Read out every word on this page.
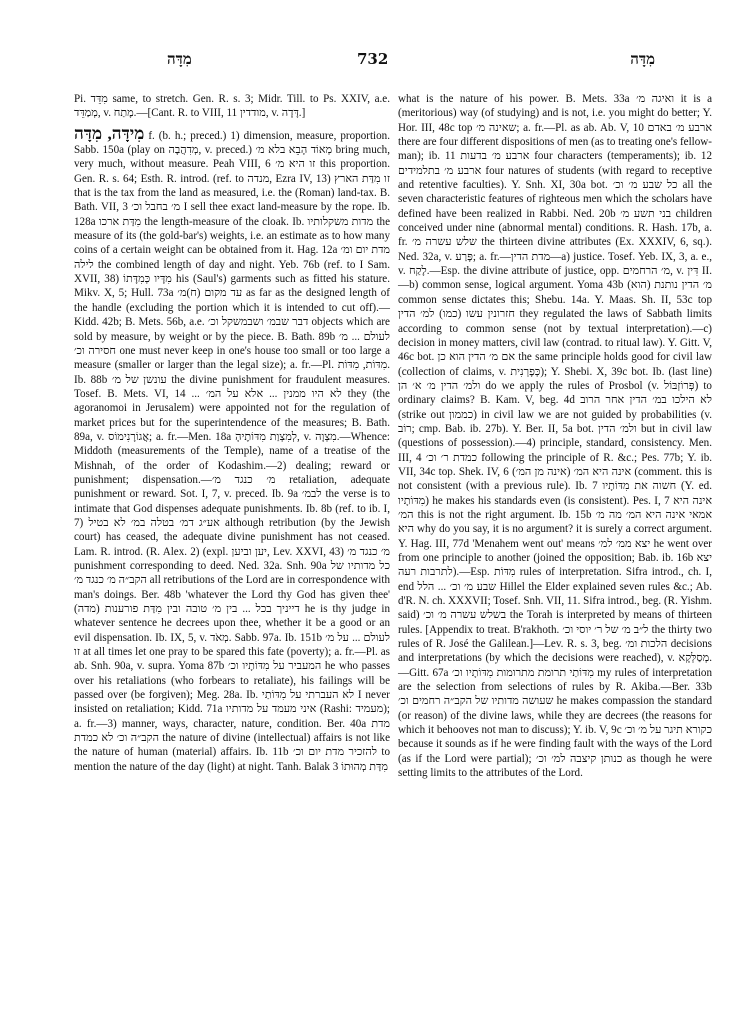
מִדָּה	732	מִדָּה

Pi. מִדֵּד same, to stretch. Gen. R. s. 3; Midr. Till. to Ps. XXIV, a.e. מְמַדֵּד, v. מָתַח.—[Cant. R. to VIII, 11 מודדין, v. דָּדָה.]

מִידָּה, מִדָּה f. (b. h.; preced.) 1) dimension, measure, proportion. Sabb. 150a (play on מְדִהֲבָה, v. preced.) מְאוֹד הָבֵא בלא מ׳ bring much, very much, without measure. Peah VIII, 6 זו היא מ׳ this proportion. Gen. R. s. 64; Esth. R. introd. (ref. to מנדה, Ezra IV, 13) זו מִדַּת הארץ that is the tax from the land as measured, i.e. the (Roman) land-tax. B. Bath. VII, 3 מ׳ בחבל וכ׳ I sell thee exact land-measure by the rope. Ib. 128a מִדַּת ארכו the length-measure of the cloak. Ib. מדות משקלותיו the measure of its (the gold-bar's) weights, i.e. an estimate as to how many coins of a certain weight can be obtained from it. Hag. 12a מדת יום ומ׳ לילה the combined length of day and night. Yeb. 76b (ref. to I Sam. XVII, 38) מִדָּיו כְּמִדָּתוֹ his (Saul's) garments such as fitted his stature. Mikv. X, 5; Hull. 73a עד מקום (ח)מ׳ as far as the designed length of the handle (excluding the portion which it is intended to cut off).—Kidd. 42b; B. Mets. 56b, a.e. דבר שבמ׳ ושבמשקל וכ׳ objects which are sold by measure, by weight or by the piece. B. Bath. 89b לעולם ... מ׳ חסירה וכ׳ one must never keep in one's house too small or too large a measure (smaller or larger than the legal size); a. fr.—Pl. מִדּוֹת, מִדּוֹת. Ib. 88b עונשן של מ׳ the divine punishment for fraudulent measures. Tosef. B. Mets. VI, 14 ... לא היו ממנין ... אלא על המ׳ they (the agoranomoi in Jerusalem) were appointed not for the regulation of market prices but for the superintendence of the measures; B. Bath. 89a, v. אֲגוֹרָנִימוֹס; a. fr.—Men. 18a לְמִצְוַת מִדּוֹתֶיהָ, v. מִצְוָה.—Whence: Middoth (measurements of the Temple), name of a treatise of the Mishnah, of the order of Kodashim.—2) dealing; reward or punishment; dispensation.—מ׳ כנגד מ׳ retaliation, adequate punishment or reward. Sot. I, 7, v. preced. Ib. 9a לבמ׳ the verse is to intimate that God dispenses adequate punishments. Ib. 8b (ref. to ib. I, 7) אע״ג דמ׳ בטלה במ׳ לא בטיל although retribution (by the Jewish court) has ceased, the adequate divine punishment has not ceased. Lam. R. introd. (R. Alex. 2) (expl. יען וביען, Lev. XXVI, 43) מ׳ כנגד מ׳ punishment corresponding to deed. Ned. 32a. Snh. 90a כל מדותיו של הקב״ה מ׳ כנגד מ׳ all retributions of the Lord are in correspondence with man's doings. Ber. 48b 'whatever the Lord thy God has given thee' (מדה) דייניך בכל ... בין מ׳ טובה ובין מִדַּת פורענות he is thy judge in whatever sentence he decrees upon thee, whether it be a good or an evil dispensation. Ib. IX, 5, v. מְאֹד. Sabb. 97a. Ib. 151b לעולם ... על מ׳ זו at all times let one pray to be spared this fate (poverty); a. fr.—Pl. as ab. Snh. 90a, v. supra. Yoma 87b המעביר על מִדּוֹתָיו וכ׳ he who passes over his retaliations (who forbears to retaliate), his failings will be passed over (be forgiven); Meg. 28a. Ib. לא העברתי על מִדּוֹתַי I never insisted on retaliation; Kidd. 71a איני מעמד על מדותיו (Rashi: מעמיד); a. fr.—3) manner, ways, character, nature, condition. Ber. 40a מדת הקב״ה וכ׳ לא כמדת the nature of divine (intellectual) affairs is not like the nature of human (material) affairs. Ib. 11b להזכיר מדת יום וכ׳ to mention the nature of the day (light) at night. Tanh. Balak 3 מִדַּת מְהוּתוֹ

what is the nature of his power. B. Mets. 33a ואיגה מ׳ it is a (meritorious) way (of studying) and is not, i.e. you might do better; Y. Hor. III, 48c top שאינה מ׳; a. fr.—Pl. as ab. Ab. V, 10 ארבע מ׳ באדם there are four different dispositions of men (as to treating one's fellow-man); ib. 11 ארבע מ׳ בדעות four characters (temperaments); ib. 12 ארבע מ׳ בתלמידים four natures of students (with regard to receptive and retentive faculties). Y. Snh. XI, 30a bot. כל שבע מ׳ וכ׳ all the seven characteristic features of righteous men which the scholars have defined have been realized in Rabbi. Ned. 20b בני תשע מ׳ children conceived under nine (abnormal mental) conditions. R. Hash. 17b, a. fr. שלש עשרה מ׳ the thirteen divine attributes (Ex. XXXIV, 6, sq.). Ned. 32a, v. פָּרַע; a. fr.—מדת הדין—a) justice. Tosef. Yeb. IX, 3, a. e., v. לָקַח.—Esp. the divine attribute of justice, opp. מ׳ הרחמים, v. דִּין II.—b) common sense, logical argument. Yoma 43b (הוא) מ׳ הדין נותנת common sense dictates this; Shebu. 14a. Y. Maas. Sh. II, 53c top חזרונין עשו (כמו) למ׳ הדין they regulated the laws of Sabbath limits according to common sense (not by textual interpretation).—c) decision in money matters, civil law (contrad. to ritual law). Y. Gitt. V, 46c bot. אם מ׳ הדין הוא כן the same principle holds good for civil law (collection of claims, v. כְּפָרְנִית); Y. Shebi. X, 39c bot. Ib. (last line) ולמ׳ הדין מ׳ א׳ הן do we apply the rules of Prosbol (v. פְּרוֹזְבּוֹל) to ordinary claims? B. Kam. V, beg. 4d לא הילכו במ׳ הדין אחר הרוב (strike out כממון) in civil law we are not guided by probabilities (v. רוֹב; cmp. Bab. ib. 27b). Y. Ber. II, 5a bot. ולמ׳ הדין but in civil law (questions of possession).—4) principle, standard, consistency. Men. III, 4 כמדת ר׳ וכ׳ following the principle of R. &c.; Pes. 77b; Y. ib. VII, 34c top. Shek. IV, 6 (אינה מן המ׳) אינה היא המ׳ (comment. this is not consistent (with a previous rule). Ib. 7 חשוה את מִדּוֹתָיו (Y. ed. מִדּוֹתָיו) he makes his standards even (is consistent). Pes. I, 7 אינה היא המ׳ this is not the right argument. Ib. 15b אמאי אינה היא המ׳ מה מ׳ היא why do you say, it is no argument? it is surely a correct argument. Y. Hag. III, 77d 'Menahem went out' means יצא ממ׳ למ׳ he went over from one principle to another (joined the opposition; Bab. ib. 16b יצא לתרבות רעה).—Esp. מִדּוֹת rules of interpretation. Sifra introd., ch. I, end שבע מ׳ וכ׳ ... הלל Hillel the Elder explained seven rules &c.; Ab. d'R. N. ch. XXXVII; Tosef. Snh. VII, 11. Sifra introd., beg. (R. Yishm. said) בשלש עשרה מ׳ וכ׳ the Torah is interpreted by means of thirteen rules. [Appendix to treat. B'rakhoth. ל״ב מ׳ של ר׳ יוסי וכ׳ the thirty two rules of R. José the Galilean.]—Lev. R. s. 3, beg. הלכות ומ׳ decisions and interpretations (by which the decisions were reached), v. מְסַלְּקָא.—Gitt. 67a מִדּוֹתַי תרומת מתרומות מִדּוֹתָיו וכ׳ my rules of interpretation are the selection from selections of rules by R. Akiba.—Ber. 33b שעושה מדותיו של הקב״ה רחמים וכ׳ he makes compassion the standard (or reason) of the divine laws, while they are decrees (the reasons for which it behooves not man to discuss); Y. ib. V, 9c כקורא תיגר על מ׳ וכ׳ because it sounds as if he were finding fault with the ways of the Lord (as if the Lord were partial); כנותן קיצבה למ׳ וכ׳ as though he were setting limits to the attributes of the Lord.
